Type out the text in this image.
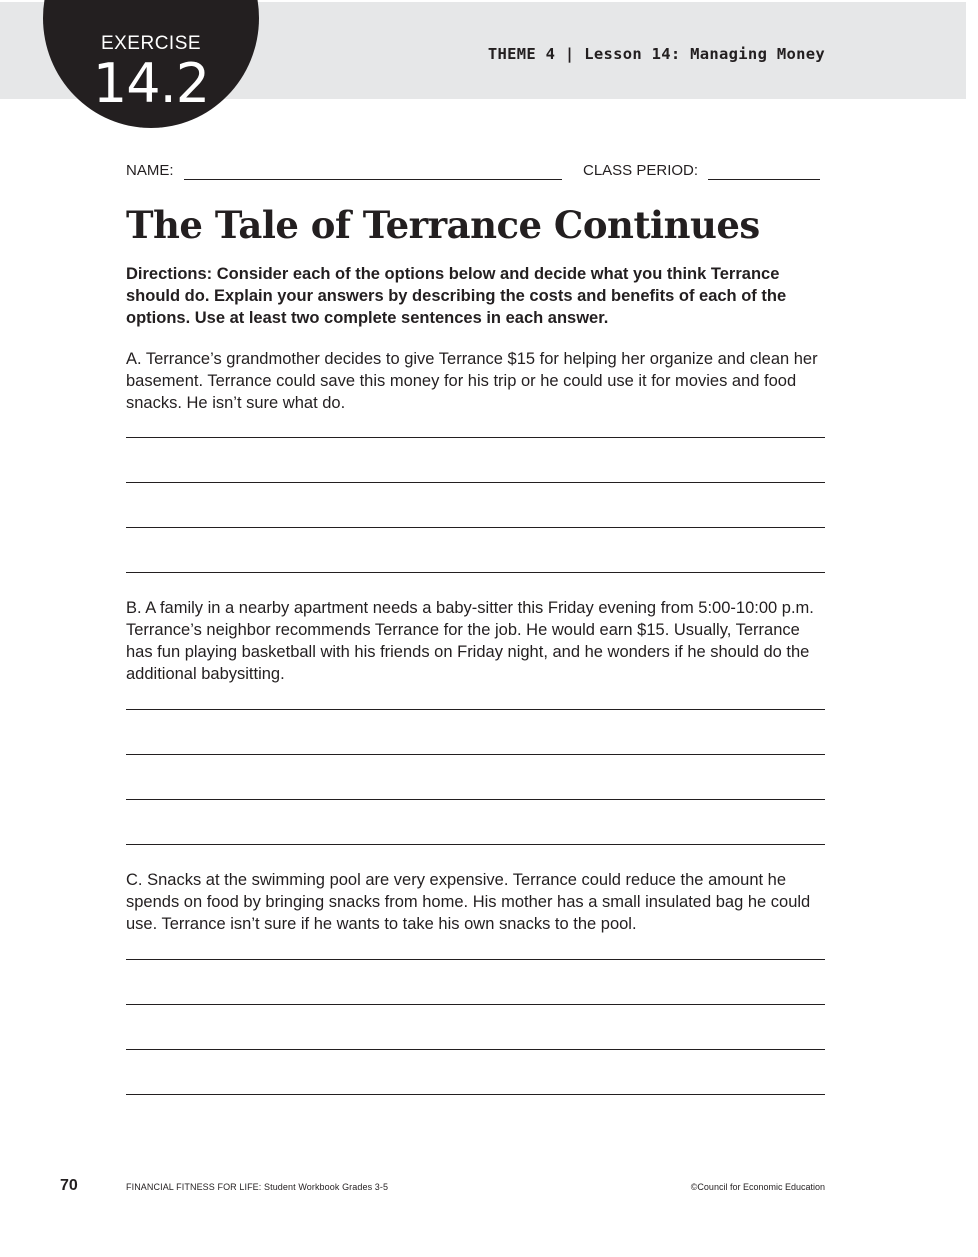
EXERCISE
14.2	THEME 4 | Lesson 14: Managing Money
NAME:	CLASS PERIOD:
The Tale of Terrance Continues

Directions: Consider each of the options below and decide what you think Terrance should do. Explain your answers by describing the costs and benefits of each of the options. Use at least two complete sentences in each answer.

A. Terrance’s grandmother decides to give Terrance $15 for helping her organize and clean her basement. Terrance could save this money for his trip or he could use it for movies and food snacks. He isn’t sure what do.

B. A family in a nearby apartment needs a baby-sitter this Friday evening from 5:00-10:00 p.m. Terrance’s neighbor recommends Terrance for the job. He would earn $15. Usually, Terrance has fun playing basketball with his friends on Friday night, and he wonders if he should do the additional babysitting.

C. Snacks at the swimming pool are very expensive. Terrance could reduce the amount he spends on food by bringing snacks from home. His mother has a small insulated bag he could use. Terrance isn’t sure if he wants to take his own snacks to the pool.

70	FINANCIAL FITNESS FOR LIFE: Student Workbook Grades 3-5	©Council for Economic Education
